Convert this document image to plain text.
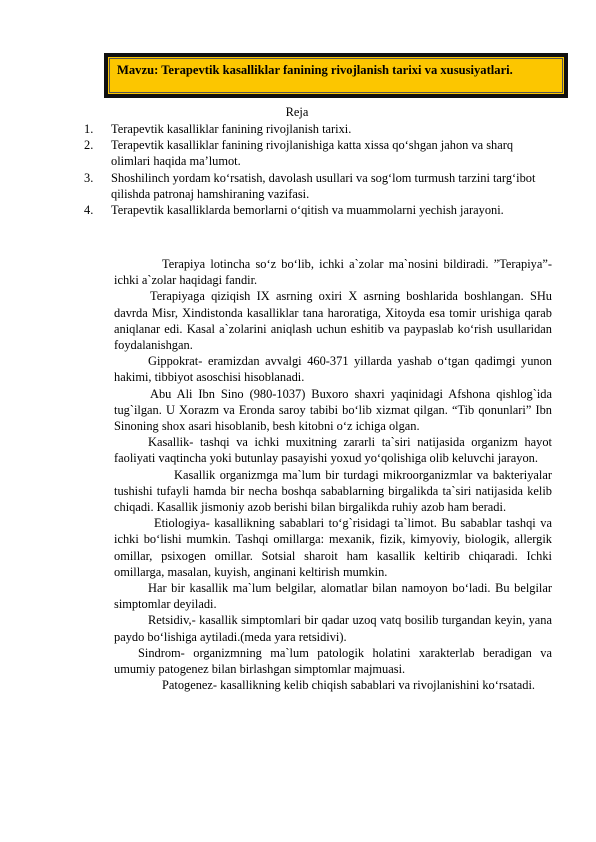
Mavzu: Terapevtik kasalliklar fanining rivojlanish tarixi va xususiyatlari.
Reja
1. Terapevtik kasalliklar fanining rivojlanish tarixi.
2. Terapevtik kasalliklar fanining rivojlanishiga katta xissa qo‘shgan jahon va sharq olimlari haqida ma’lumot.
3. Shoshilinch yordam ko‘rsatish, davolash usullari va sog‘lom turmush tarzini targ‘ibot qilishda patronaj hamshiraning vazifasi.
4. Terapevtik kasalliklarda bemorlarni o‘qitish va muammolarni yechish jarayoni.

Terapiya lotincha so‘z bo‘lib, ichki a`zolar ma`nosini bildiradi. ”Terapiya”- ichki a`zolar haqidagi fandir.

Terapiyaga qiziqish IX asrning oxiri X asrning boshlarida boshlangan. SHu davrda Misr, Xindistonda kasalliklar tana haroratiga, Xitoyda esa tomir urishiga qarab aniqlanar edi. Kasal a`zolarini aniqlash uchun eshitib va paypaslab ko‘rish usullaridan foydalanishgan.

Gippokrat- eramizdan avvalgi 460-371 yillarda yashab o‘tgan qadimgi yunon hakimi, tibbiyot asoschisi hisoblanadi.

Abu Ali Ibn Sino (980-1037) Buxoro shaxri yaqinidagi Afshona qishlog`ida tug`ilgan. U Xorazm va Eronda saroy tabibi bo‘lib xizmat qilgan. “Tib qonunlari” Ibn Sinoning shox asari hisoblanib, besh kitobni o‘z ichiga olgan.

Kasallik- tashqi va ichki muxitning zararli ta`siri natijasida organizm hayot faoliyati vaqtincha yoki butunlay pasayishi yoxud yo‘qolishiga olib keluvchi jarayon.

Kasallik organizmga ma`lum bir turdagi mikroorganizmlar va bakteriyalar tushishi tufayli hamda bir necha boshqa sabablarning birgalikda ta`siri natijasida kelib chiqadi. Kasallik jismoniy azob berishi bilan birgalikda ruhiy azob ham beradi.

Etiologiya- kasallikning sabablari to‘g`risidagi ta`limot. Bu sabablar tashqi va ichki bo‘lishi mumkin. Tashqi omillarga: mexanik, fizik, kimyoviy, biologik, allergik omillar, psixogen omillar. Sotsial sharoit ham kasallik keltirib chiqaradi. Ichki omillarga, masalan, kuyish, anginani keltirish mumkin.

Har bir kasallik ma`lum belgilar, alomatlar bilan namoyon bo‘ladi. Bu belgilar simptomlar deyiladi.

Retsidiv,- kasallik simptomlari bir qadar uzoq vatq bosilib turgandan keyin, yana paydo bo‘lishiga aytiladi.(meda yara retsidivi).

Sindrom- organizmning ma`lum patologik holatini xarakterlab beradigan va umumiy patogenez bilan birlashgan simptomlar majmuasi.

Patogenez- kasallikning kelib chiqish sabablari va rivojlanishini ko‘rsatadi.
